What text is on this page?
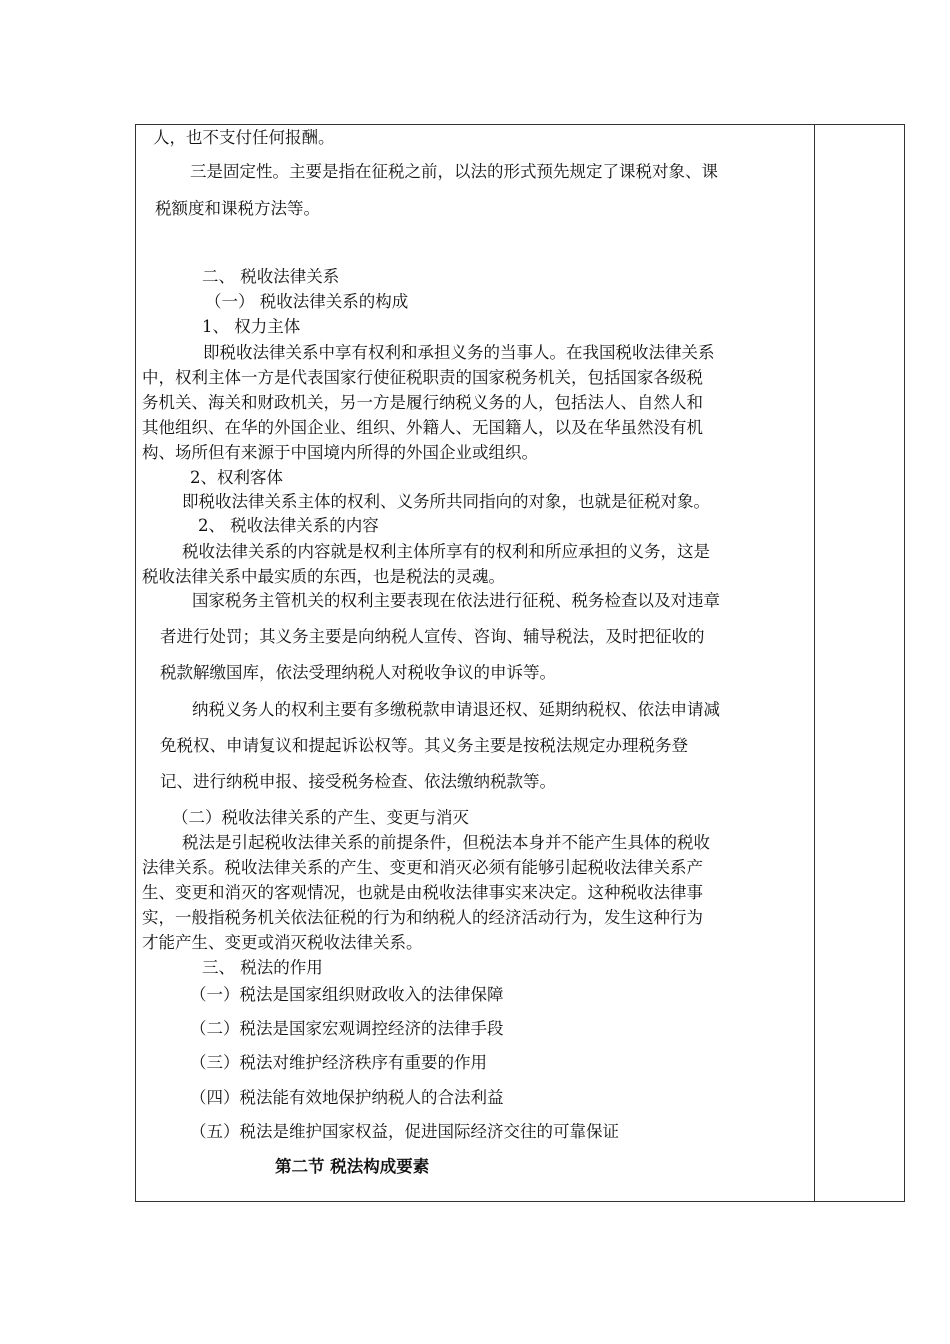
人，也不支付任何报酬。
三是固定性。主要是指在征税之前，以法的形式预先规定了课税对象、课
税额度和课税方法等。
二、 税收法律关系
（一） 税收法律关系的构成
1、 权力主体
即税收法律关系中享有权利和承担义务的当事人。在我国税收法律关系
中，权利主体一方是代表国家行使征税职责的国家税务机关，包括国家各级税
务机关、海关和财政机关，另一方是履行纳税义务的人，包括法人、自然人和
其他组织、在华的外国企业、组织、外籍人、无国籍人，以及在华虽然没有机
构、场所但有来源于中国境内所得的外国企业或组织。
2、权利客体
即税收法律关系主体的权利、义务所共同指向的对象，也就是征税对象。
2、 税收法律关系的内容
税收法律关系的内容就是权利主体所享有的权利和所应承担的义务，这是
税收法律关系中最实质的东西，也是税法的灵魂。
国家税务主管机关的权利主要表现在依法进行征税、税务检查以及对违章
者进行处罚；其义务主要是向纳税人宣传、咨询、辅导税法，及时把征收的
税款解缴国库，依法受理纳税人对税收争议的申诉等。
纳税义务人的权利主要有多缴税款申请退还权、延期纳税权、依法申请减
免税权、申请复议和提起诉讼权等。其义务主要是按税法规定办理税务登
记、进行纳税申报、接受税务检查、依法缴纳税款等。
（二）税收法律关系的产生、变更与消灭
税法是引起税收法律关系的前提条件，但税法本身并不能产生具体的税收
法律关系。税收法律关系的产生、变更和消灭必须有能够引起税收法律关系产
生、变更和消灭的客观情况，也就是由税收法律事实来决定。这种税收法律事
实，一般指税务机关依法征税的行为和纳税人的经济活动行为，发生这种行为
才能产生、变更或消灭税收法律关系。
三、 税法的作用
（一）税法是国家组织财政收入的法律保障
（二）税法是国家宏观调控经济的法律手段
（三）税法对维护经济秩序有重要的作用
（四）税法能有效地保护纳税人的合法利益
（五）税法是维护国家权益，促进国际经济交往的可靠保证
第二节 税法构成要素
